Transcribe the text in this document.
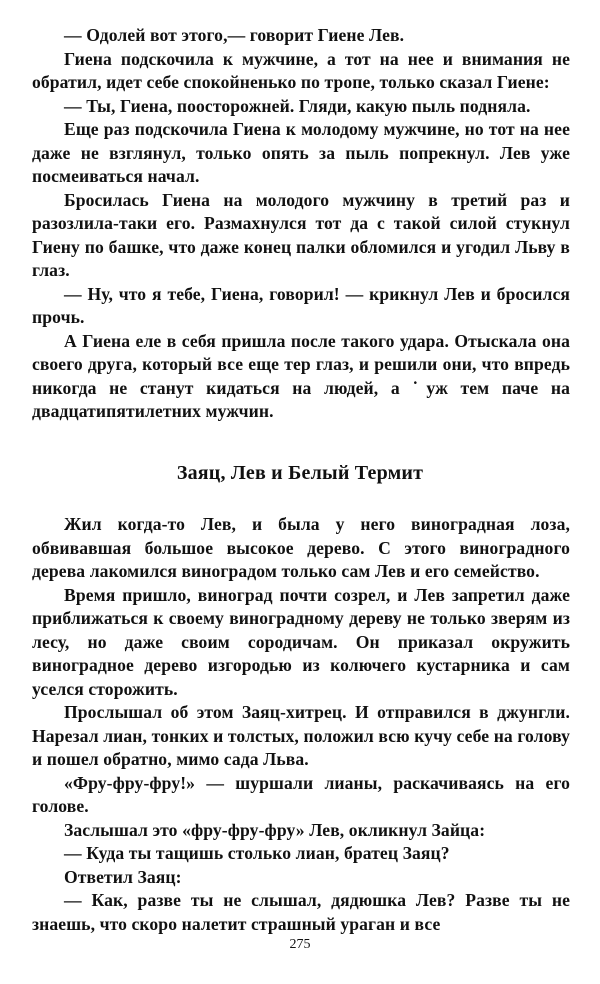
— Одолей вот этого,— говорит Гиене Лев.

Гиена подскочила к мужчине, а тот на нее и внимания не обратил, идет себе спокойненько по тропе, только сказал Гиене:

— Ты, Гиена, поосторожней. Гляди, какую пыль подняла.

Еще раз подскочила Гиена к молодому мужчине, но тот на нее даже не взглянул, только опять за пыль попрекнул. Лев уже посмеиваться начал.

Бросилась Гиена на молодого мужчину в третий раз и разозлила-таки его. Размахнулся тот да с такой силой стукнул Гиену по башке, что даже конец палки обломился и угодил Льву в глаз.

— Ну, что я тебе, Гиена, говорил! — крикнул Лев и бросился прочь.

А Гиена еле в себя пришла после такого удара. Отыскала она своего друга, который все еще тер глаз, и решили они, что впредь никогда не станут кидаться на людей, а ˙уж тем паче на двадцатипятилетних мужчин.

Заяц, Лев и Белый Термит

Жил когда-то Лев, и была у него виноградная лоза, обвивавшая большое высокое дерево. С этого виноградного дерева лакомился виноградом только сам Лев и его семейство.

Время пришло, виноград почти созрел, и Лев запретил даже приближаться к своему виноградному дереву не только зверям из лесу, но даже своим сородичам. Он приказал окружить виноградное дерево изгородью из колючего кустарника и сам уселся сторожить.

Прослышал об этом Заяц-хитрец. И отправился в джунгли. Нарезал лиан, тонких и толстых, положил всю кучу себе на голову и пошел обратно, мимо сада Льва.

«Фру-фру-фру!» — шуршали лианы, раскачиваясь на его голове.

Заслышал это «фру-фру-фру» Лев, окликнул Зайца:

— Куда ты тащишь столько лиан, братец Заяц?

Ответил Заяц:

— Как, разве ты не слышал, дядюшка Лев? Разве ты не знаешь, что скоро налетит страшный ураган и все

275
